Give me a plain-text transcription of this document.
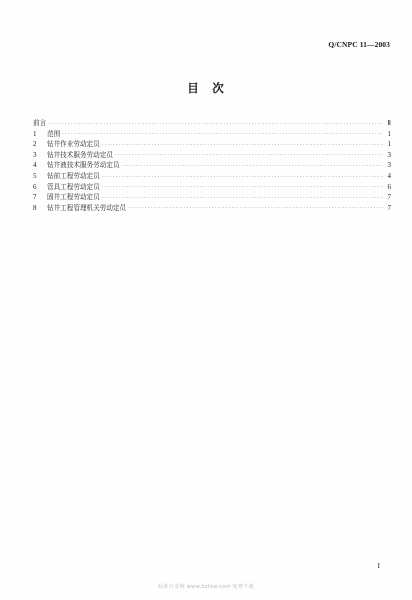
Q/CNPC 11—2003
目　次
前言 ·····	Ⅱ
1	范围 ·····	1
2	钻井作业劳动定员 ·····	1
3	钻井技术服务劳动定员 ·····	3
4	钻井液技术服务劳动定员 ·····	3
5	钻前工程劳动定员 ·····	4
6	管具工程劳动定员 ·····	6
7	固井工程劳动定员 ·····	7
8	钻井工程管理机关劳动定员 ·····	7
I
标准分享网 www.bzfxw.com 免费下载
